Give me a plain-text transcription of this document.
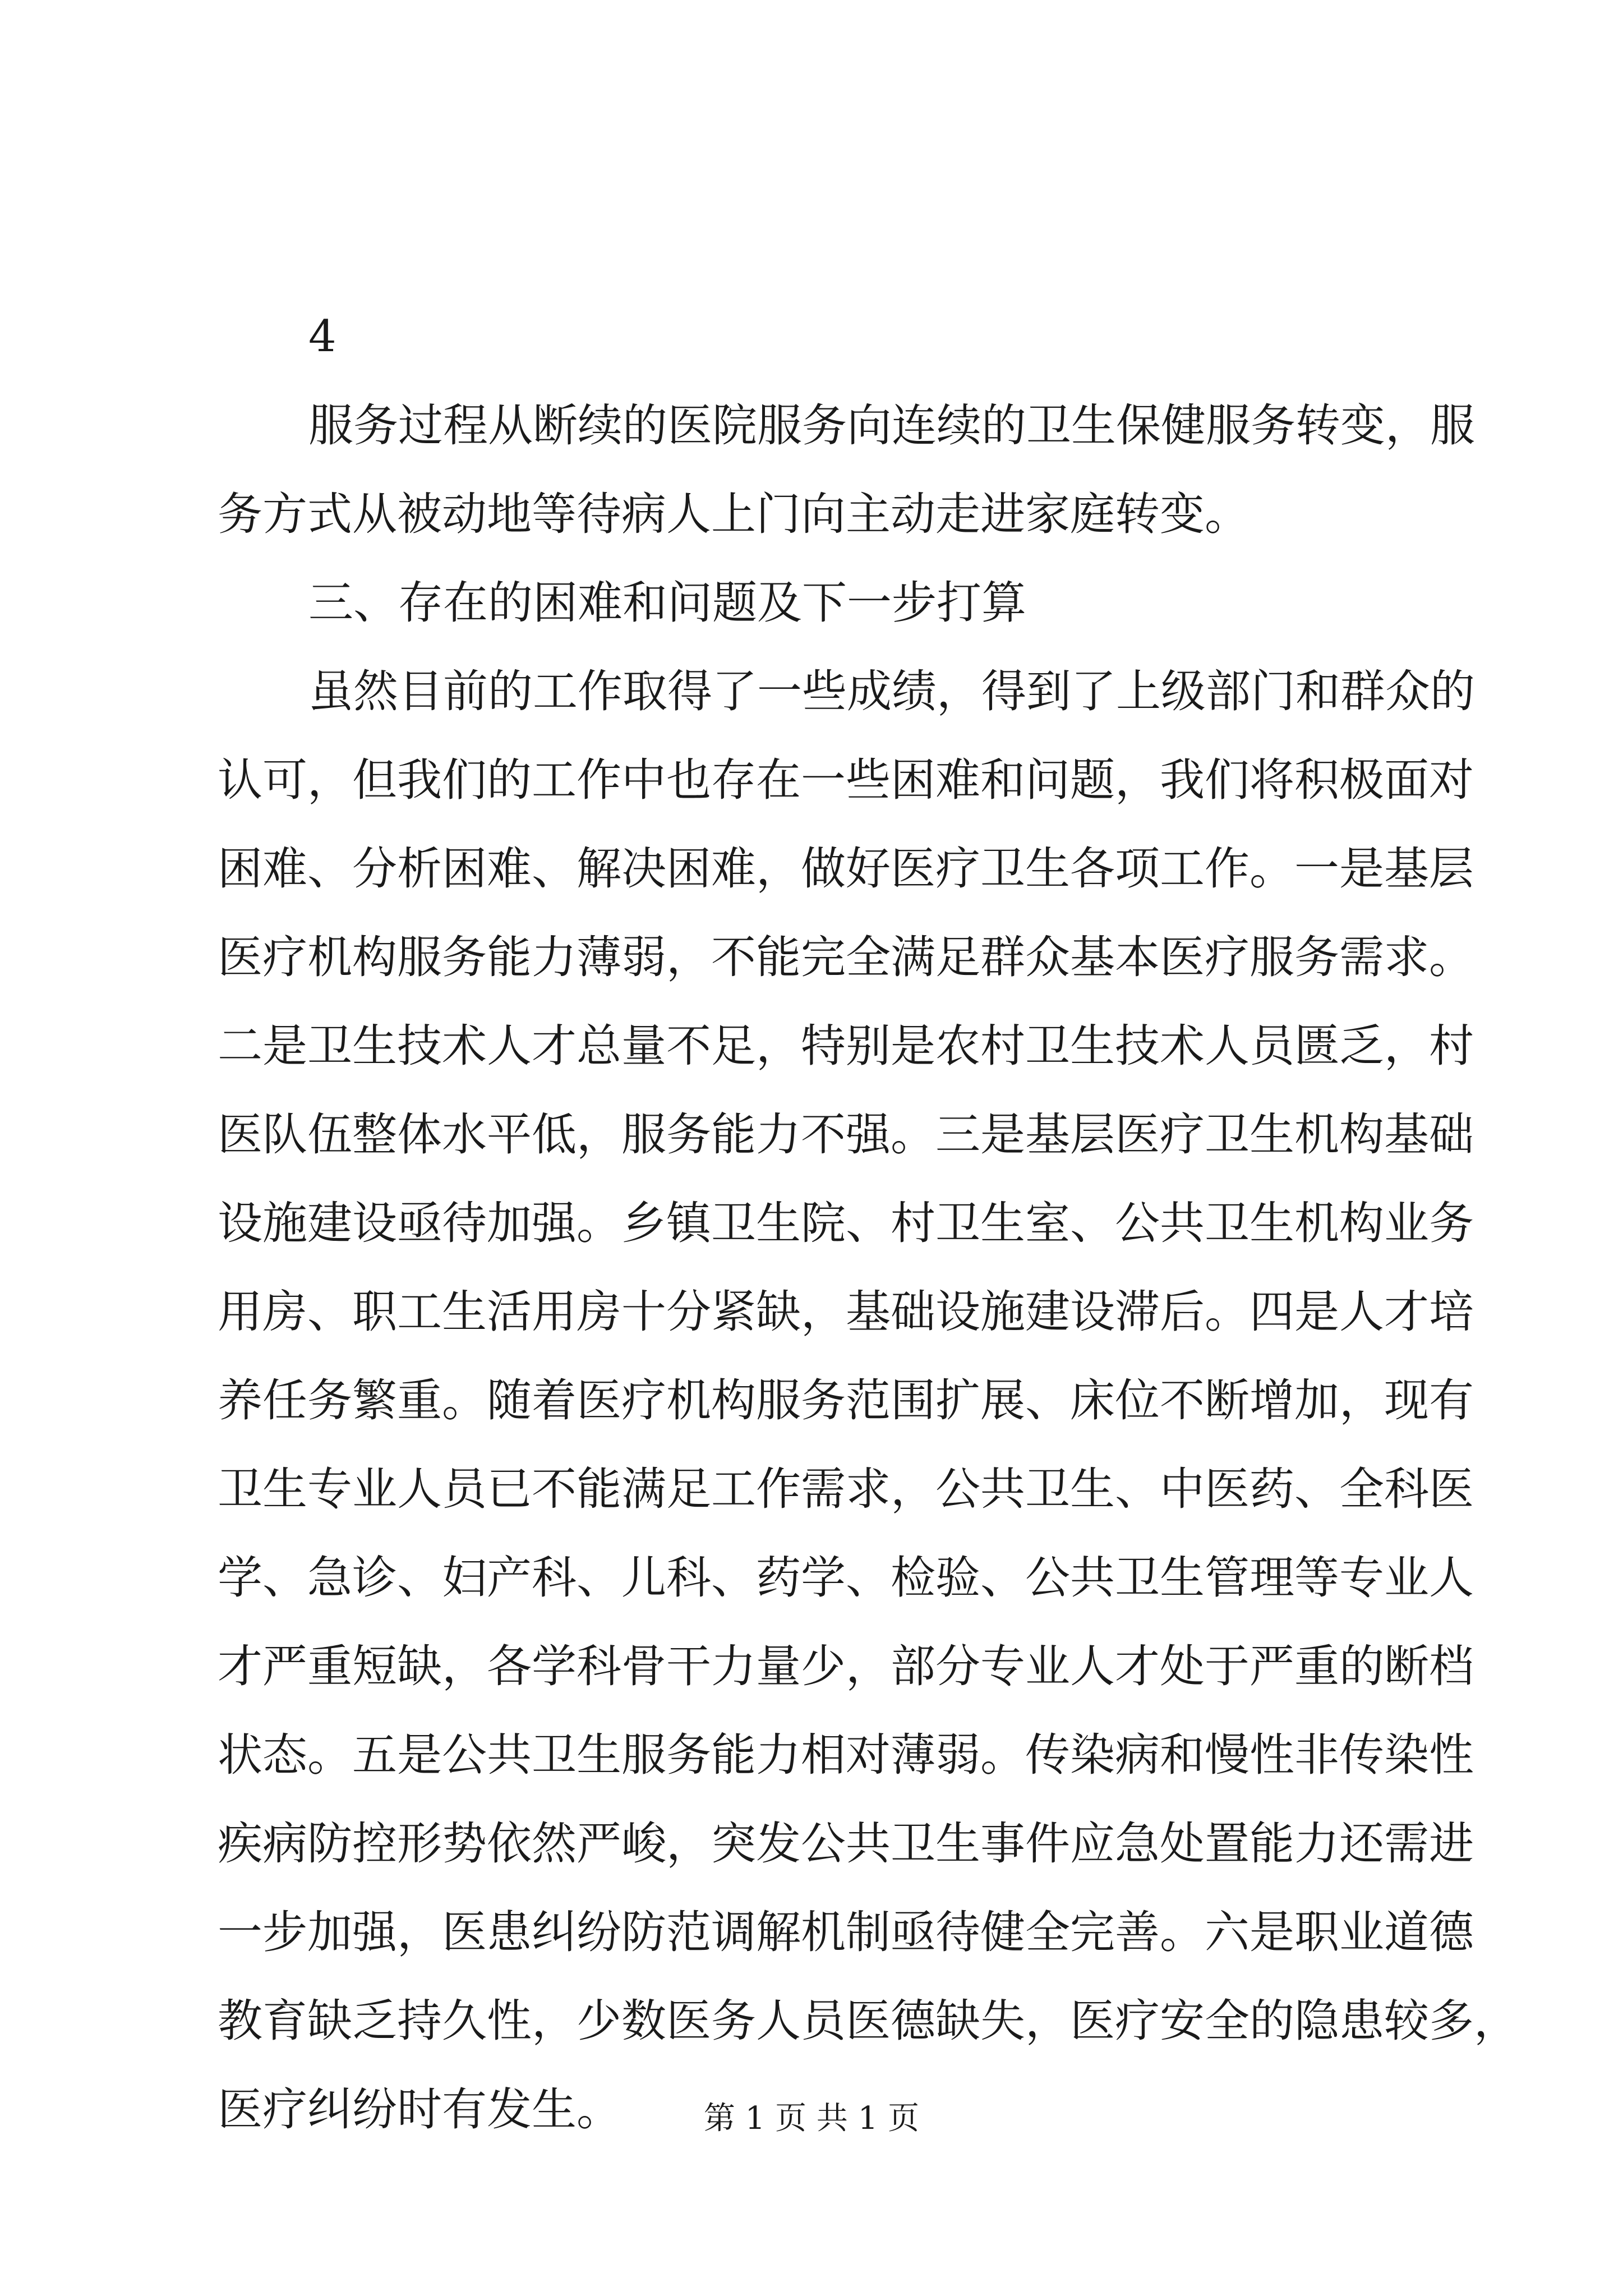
4
服务过程从断续的医院服务向连续的卫生保健服务转变，服
务方式从被动地等待病人上门向主动走进家庭转变。
三、存在的困难和问题及下一步打算
虽然目前的工作取得了一些成绩，得到了上级部门和群众的
认可，但我们的工作中也存在一些困难和问题，我们将积极面对
困难、分析困难、解决困难，做好医疗卫生各项工作。一是基层
医疗机构服务能力薄弱，不能完全满足群众基本医疗服务需求。
二是卫生技术人才总量不足，特别是农村卫生技术人员匮乏，村
医队伍整体水平低，服务能力不强。三是基层医疗卫生机构基础
设施建设亟待加强。乡镇卫生院、村卫生室、公共卫生机构业务
用房、职工生活用房十分紧缺，基础设施建设滞后。四是人才培
养任务繁重。随着医疗机构服务范围扩展、床位不断增加，现有
卫生专业人员已不能满足工作需求，公共卫生、中医药、全科医
学、急诊、妇产科、儿科、药学、检验、公共卫生管理等专业人
才严重短缺，各学科骨干力量少，部分专业人才处于严重的断档
状态。五是公共卫生服务能力相对薄弱。传染病和慢性非传染性
疾病防控形势依然严峻，突发公共卫生事件应急处置能力还需进
一步加强，医患纠纷防范调解机制亟待健全完善。六是职业道德
教育缺乏持久性，少数医务人员医德缺失，医疗安全的隐患较多，
医疗纠纷时有发生。	第 1 页 共 1 页
